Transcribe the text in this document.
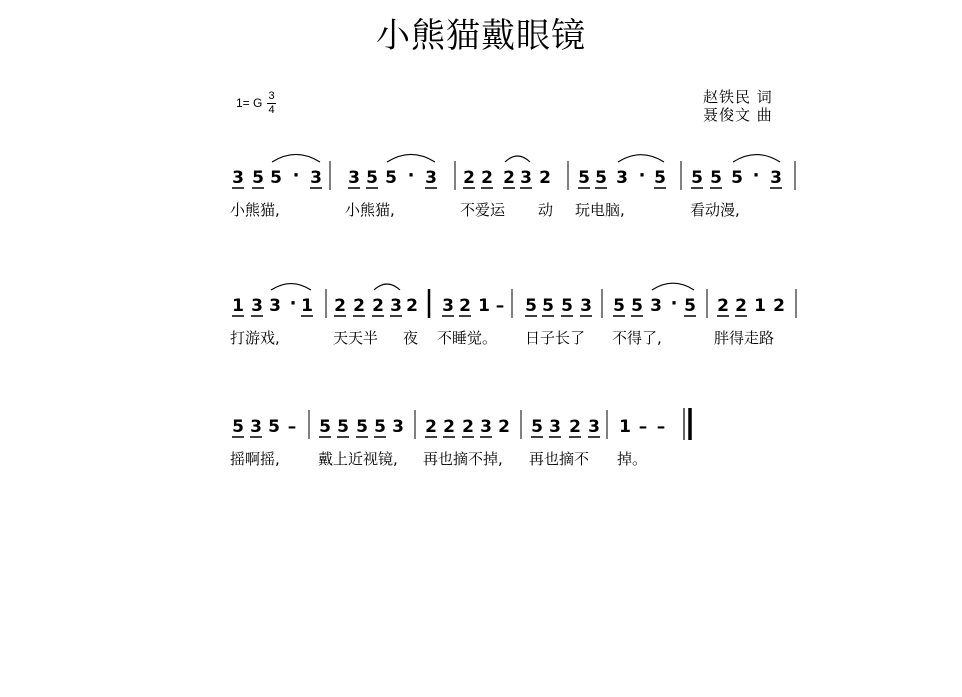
小熊猫戴眼镜
1= G 3
4
赵铁民 词
聂俊文 曲
3 5 5 · 3 3 5 5 · 3 2 2 2 3 2 5 5 3 · 5 5 5 5 · 3
1 3 3 · 1 2 2 2 3 2 3 2 1 – 5 5 5 3 5 5 3 · 5 2 2 1 2
5 3 5 – 5 5 5 5 3 2 2 2 3 2 5 3 2 3 1 – –
小熊猫,	小熊猫,	不爱运 动 玩电脑,	看动漫,
打游戏,	天天半 夜 不睡觉。 日子长了 不得了,	胖得走路
摇啊摇,	戴上近视镜, 再也摘不掉, 再也摘不 掉。
